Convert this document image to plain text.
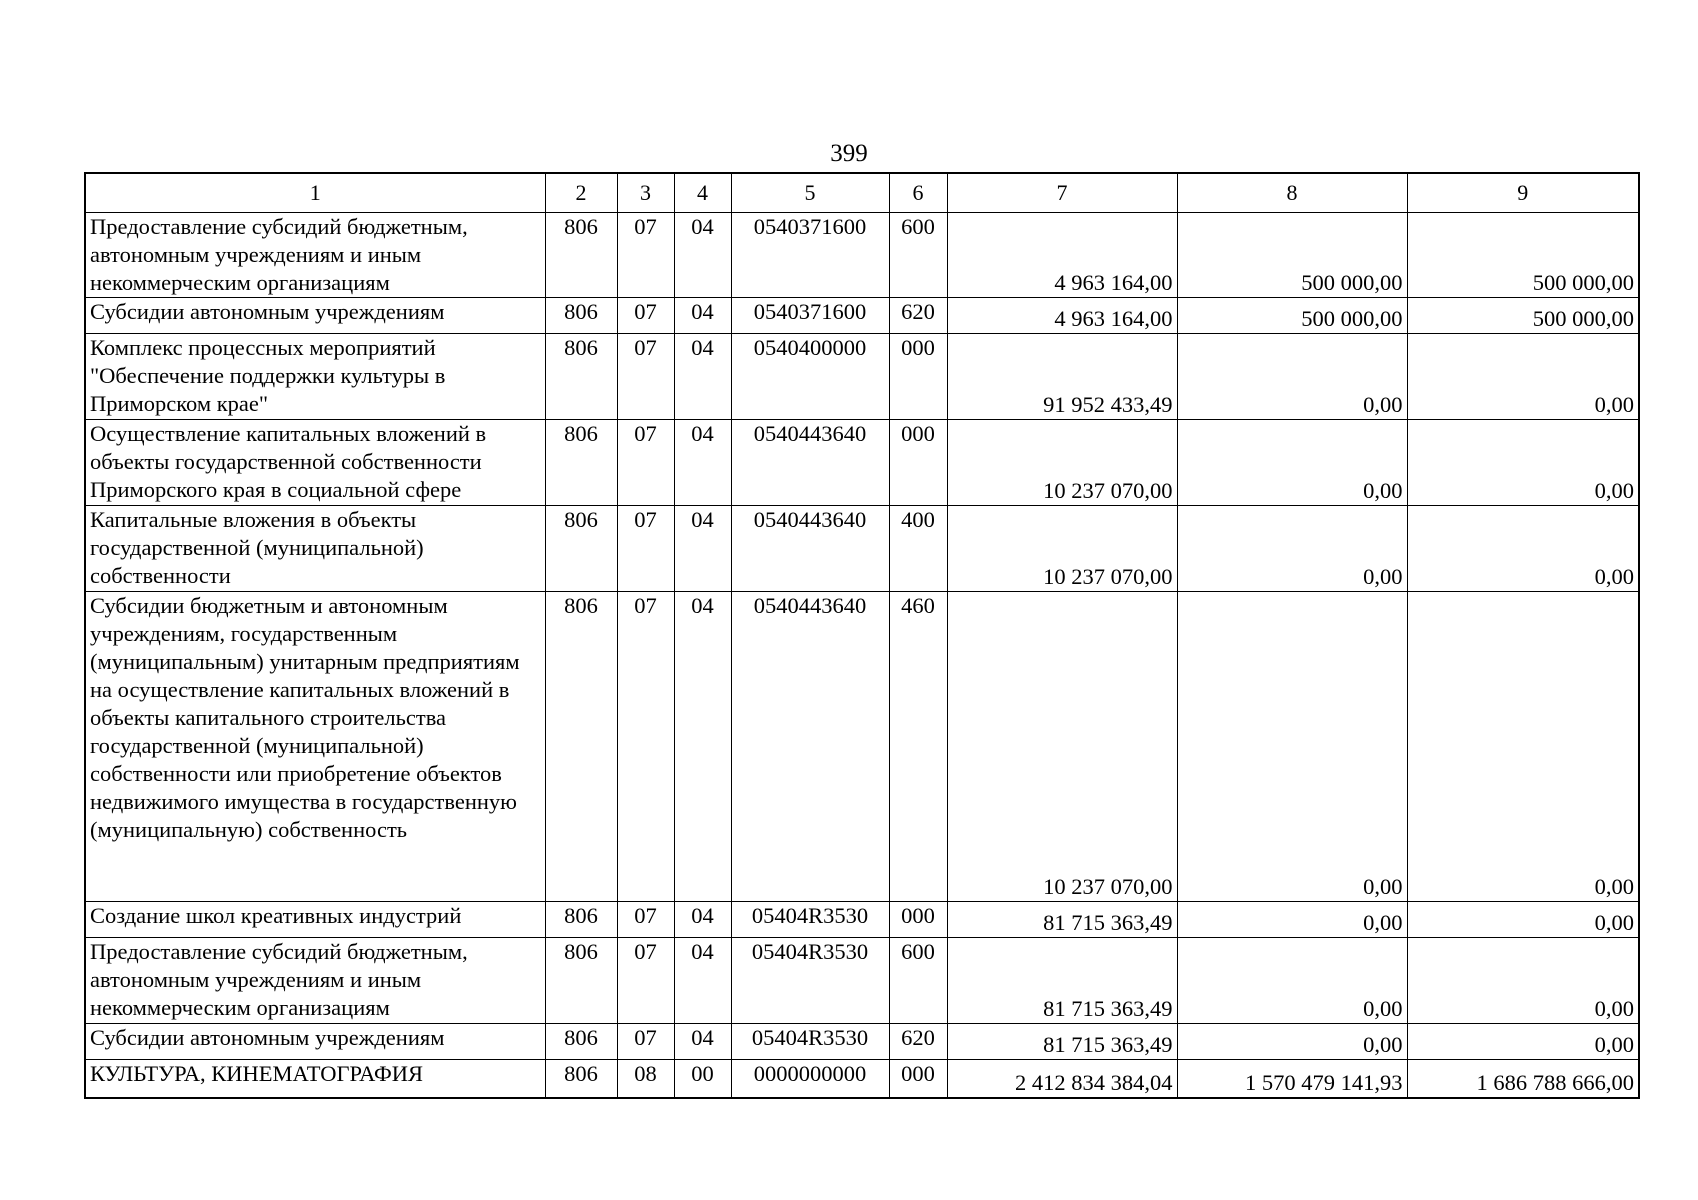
399
1	2	3	4	5	6	7	8	9
Предоставление субсидий бюджетным, автономным учреждениям и иным некоммерческим организациям	806	07	04	0540371600	600	4 963 164,00	500 000,00	500 000,00
Субсидии автономным учреждениям	806	07	04	0540371600	620	4 963 164,00	500 000,00	500 000,00
Комплекс процессных мероприятий "Обеспечение поддержки культуры в Приморском крае"	806	07	04	0540400000	000	91 952 433,49	0,00	0,00
Осуществление капитальных вложений в объекты государственной собственности Приморского края в социальной сфере	806	07	04	0540443640	000	10 237 070,00	0,00	0,00
Капитальные вложения в объекты государственной (муниципальной) собственности	806	07	04	0540443640	400	10 237 070,00	0,00	0,00
Субсидии бюджетным и автономным учреждениям, государственным (муниципальным) унитарным предприятиям на осуществление капитальных вложений в объекты капитального строительства государственной (муниципальной) собственности или приобретение объектов недвижимого имущества в государственную (муниципальную) собственность	806	07	04	0540443640	460	10 237 070,00	0,00	0,00
Создание школ креативных индустрий	806	07	04	05404R3530	000	81 715 363,49	0,00	0,00
Предоставление субсидий бюджетным, автономным учреждениям и иным некоммерческим организациям	806	07	04	05404R3530	600	81 715 363,49	0,00	0,00
Субсидии автономным учреждениям	806	07	04	05404R3530	620	81 715 363,49	0,00	0,00
КУЛЬТУРА, КИНЕМАТОГРАФИЯ	806	08	00	0000000000	000	2 412 834 384,04	1 570 479 141,93	1 686 788 666,00
